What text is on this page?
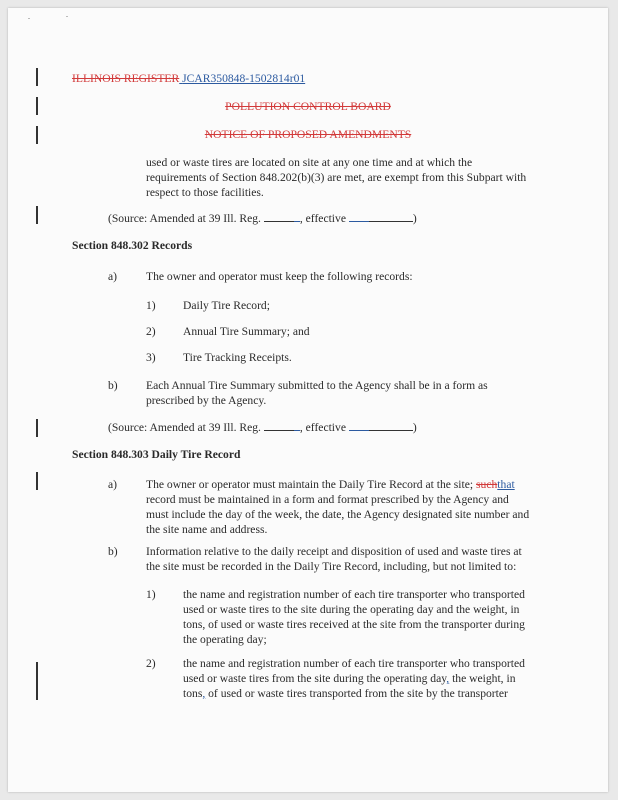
ILLINOIS REGISTER JCAR350848-1502814r01
POLLUTION CONTROL BOARD
NOTICE OF PROPOSED AMENDMENTS
used or waste tires are located on site at any one time and at which the
requirements of Section 848.202(b)(3) are met, are exempt from this Subpart with
respect to those facilities.
(Source: Amended at 39 Ill. Reg.	, effective	)
Section 848.302 Records
a) The owner and operator must keep the following records:
1) Daily Tire Record;
2) Annual Tire Summary; and
3) Tire Tracking Receipts.
b) Each Annual Tire Summary submitted to the Agency shall be in a form as
prescribed by the Agency.
(Source: Amended at 39 Ill. Reg.	, effective	)
Section 848.303 Daily Tire Record
a) The owner or operator must maintain the Daily Tire Record at the site; suchthat
record must be maintained in a form and format prescribed by the Agency and
must include the day of the week, the date, the Agency designated site number and
the site name and address.
b) Information relative to the daily receipt and disposition of used and waste tires at
the site must be recorded in the Daily Tire Record, including, but not limited to:
1) the name and registration number of each tire transporter who transported
used or waste tires to the site during the operating day and the weight, in
tons, of used or waste tires received at the site from the transporter during
the operating day;
2) the name and registration number of each tire transporter who transported
used or waste tires from the site during the operating day, the weight, in
tons, of used or waste tires transported from the site by the transporter
